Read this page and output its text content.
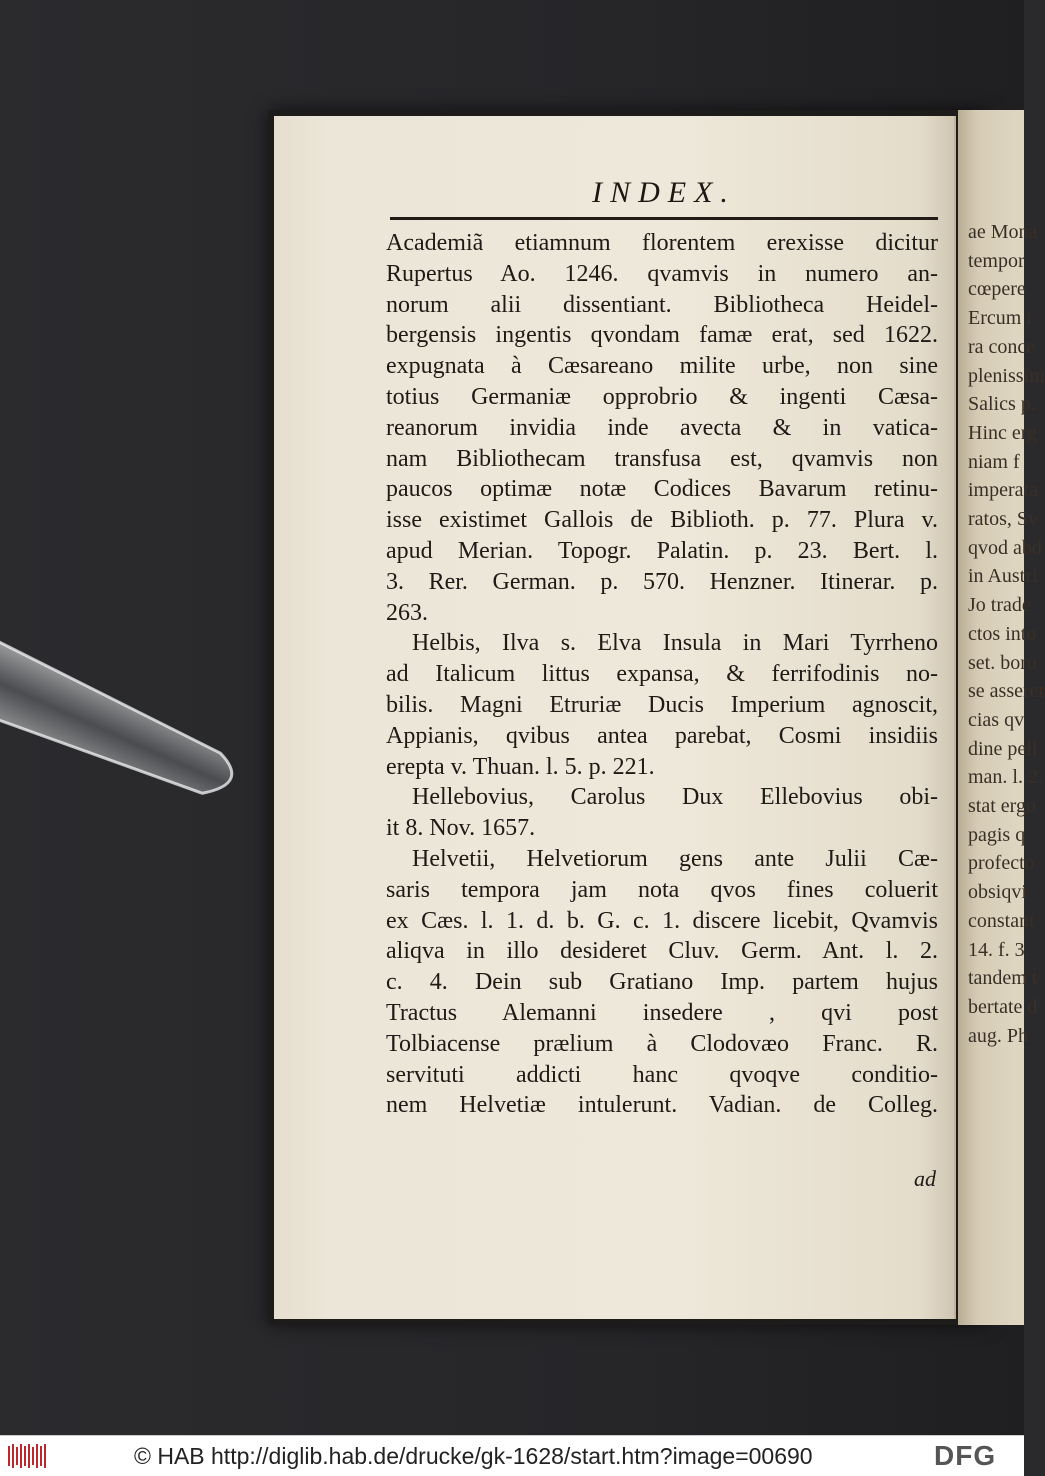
ae Mona
tempor
cœpere
Ercum i
ra conce
plenissim
Salics p.
Hinc erg
niam f
imperata
ratos, Sv
qvod abd
in Austri
Jo trade
ctos into
set. boru
se asserer
cias qv
dine pell
man. l. 2.
stat ergo
pagis q
profecto
obsiqvi
constant
14. f. 3.
tandem t
bertate d
aug. Ph
INDEX.
Academiã etiamnum florentem erexisse dicitur
Rupertus Ao. 1246. qvamvis in numero an-
norum alii dissentiant. Bibliotheca Heidel-
bergensis ingentis qvondam famæ erat, sed 1622.
expugnata à Cæsareano milite urbe, non sine
totius Germaniæ opprobrio & ingenti Cæsa-
reanorum invidia inde avecta & in vatica-
nam Bibliothecam transfusa est, qvamvis non
paucos optimæ notæ Codices Bavarum retinu-
isse existimet Gallois de Biblioth. p. 77. Plura v.
apud Merian. Topogr. Palatin. p. 23. Bert. l.
3. Rer. German. p. 570. Henzner. Itinerar. p.
263.
Helbis, Ilva s. Elva Insula in Mari Tyrrheno
ad Italicum littus expansa, & ferrifodinis no-
bilis. Magni Etruriæ Ducis Imperium agnoscit,
Appianis, qvibus antea parebat, Cosmi insidiis
erepta v. Thuan. l. 5. p. 221.
Hellebovius, Carolus Dux Ellebovius obi-
it 8. Nov. 1657.
Helvetii, Helvetiorum gens ante Julii Cæ-
saris tempora jam nota qvos fines coluerit
ex Cæs. l. 1. d. b. G. c. 1. discere licebit, Qvamvis
aliqva in illo desideret Cluv. Germ. Ant. l. 2.
c. 4. Dein sub Gratiano Imp. partem hujus
Tractus Alemanni insedere , qvi post
Tolbiacense prælium à Clodovæo Franc. R.
servituti addicti hanc qvoqve conditio-
nem Helvetiæ intulerunt. Vadian. de Colleg.
ad
© HAB http://diglib.hab.de/drucke/gk-1628/start.htm?image=00690	DFG
